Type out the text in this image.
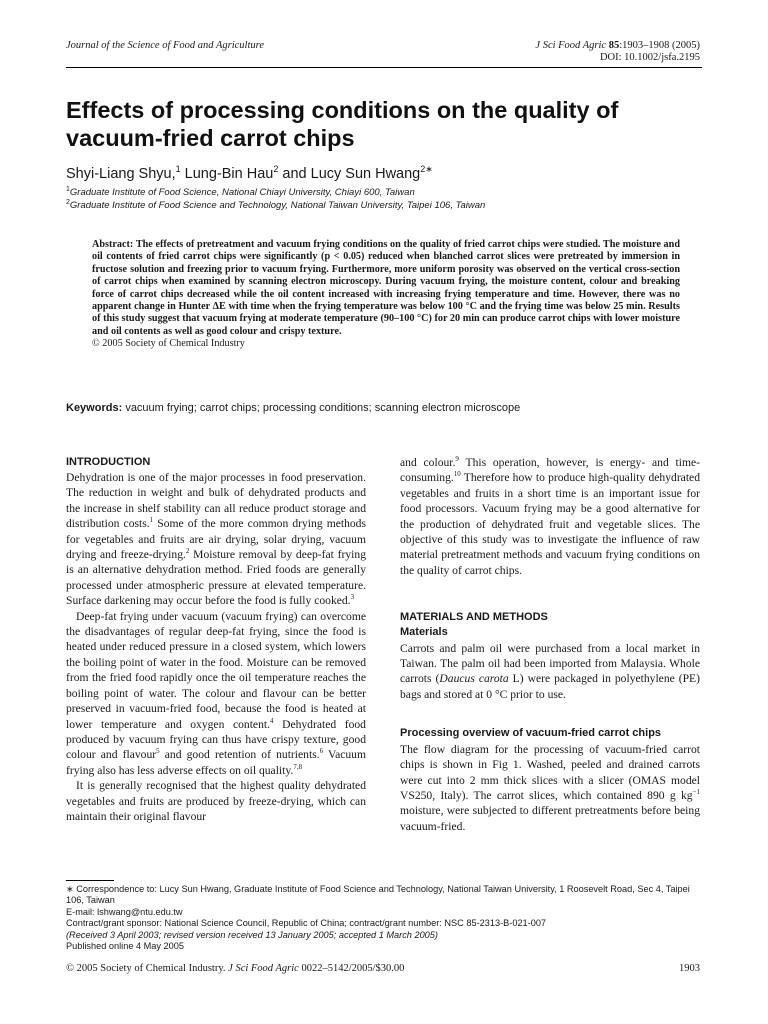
Journal of the Science of Food and Agriculture	J Sci Food Agric 85:1903–1908 (2005)
DOI: 10.1002/jsfa.2195
Effects of processing conditions on the quality of vacuum-fried carrot chips
Shyi-Liang Shyu,$^1$ Lung-Bin Hau$^2$ and Lucy Sun Hwang$^{2∗}$
$^1$Graduate Institute of Food Science, National Chiayi University, Chiayi 600, Taiwan
$^2$Graduate Institute of Food Science and Technology, National Taiwan University, Taipei 106, Taiwan
Abstract: The effects of pretreatment and vacuum frying conditions on the quality of fried carrot chips were studied. The moisture and oil contents of fried carrot chips were significantly (p < 0.05) reduced when blanched carrot slices were pretreated by immersion in fructose solution and freezing prior to vacuum frying. Furthermore, more uniform porosity was observed on the vertical cross-section of carrot chips when examined by scanning electron microscopy. During vacuum frying, the moisture content, colour and breaking force of carrot chips decreased while the oil content increased with increasing frying temperature and time. However, there was no apparent change in Hunter ΔE with time when the frying temperature was below 100 °C and the frying time was below 25 min. Results of this study suggest that vacuum frying at moderate temperature (90–100 °C) for 20 min can produce carrot chips with lower moisture and oil contents as well as good colour and crispy texture.
© 2005 Society of Chemical Industry
Keywords: vacuum frying; carrot chips; processing conditions; scanning electron microscope
INTRODUCTION

Dehydration is one of the major processes in food preservation. The reduction in weight and bulk of dehydrated products and the increase in shelf stability can all reduce product storage and distribution costs.$^1$ Some of the more common drying methods for vegetables and fruits are air drying, solar drying, vacuum drying and freeze-drying.$^2$ Moisture removal by deep-fat frying is an alternative dehydration method. Fried foods are generally processed under atmospheric pressure at elevated temperature. Surface darkening may occur before the food is fully cooked.$^3$

Deep-fat frying under vacuum (vacuum frying) can overcome the disadvantages of regular deep-fat frying, since the food is heated under reduced pressure in a closed system, which lowers the boiling point of water in the food. Moisture can be removed from the fried food rapidly once the oil temperature reaches the boiling point of water. The colour and flavour can be better preserved in vacuum-fried food, because the food is heated at lower temperature and oxygen content.$^4$ Dehydrated food produced by vacuum frying can thus have crispy texture, good colour and flavour$^5$ and good retention of nutrients.$^6$ Vacuum frying also has less adverse effects on oil quality.$^{7,8}$

It is generally recognised that the highest quality dehydrated vegetables and fruits are produced by freeze-drying, which can maintain their original flavour

and colour.$^9$ This operation, however, is energy- and time-consuming.$^{10}$ Therefore how to produce high-quality dehydrated vegetables and fruits in a short time is an important issue for food processors. Vacuum frying may be a good alternative for the production of dehydrated fruit and vegetable slices. The objective of this study was to investigate the influence of raw material pretreatment methods and vacuum frying conditions on the quality of carrot chips.

MATERIALS AND METHODS
Materials

Carrots and palm oil were purchased from a local market in Taiwan. The palm oil had been imported from Malaysia. Whole carrots (Daucus carota L) were packaged in polyethylene (PE) bags and stored at 0 °C prior to use.

Processing overview of vacuum-fried carrot chips

The flow diagram for the processing of vacuum-fried carrot chips is shown in Fig 1. Washed, peeled and drained carrots were cut into 2 mm thick slices with a slicer (OMAS model VS250, Italy). The carrot slices, which contained 890 g $kg^{-1}$ moisture, were subjected to different pretreatments before being vacuum-fried.

∗ Correspondence to: Lucy Sun Hwang, Graduate Institute of Food Science and Technology, National Taiwan University, 1 Roosevelt Road, Sec 4, Taipei 106, Taiwan
E-mail: lshwang@ntu.edu.tw
Contract/grant sponsor: National Science Council, Republic of China; contract/grant number: NSC 85-2313-B-021-007
(Received 3 April 2003; revised version received 13 January 2005; accepted 1 March 2005)
Published online 4 May 2005
© 2005 Society of Chemical Industry. J Sci Food Agric 0022–5142/2005/$30.00	1903
